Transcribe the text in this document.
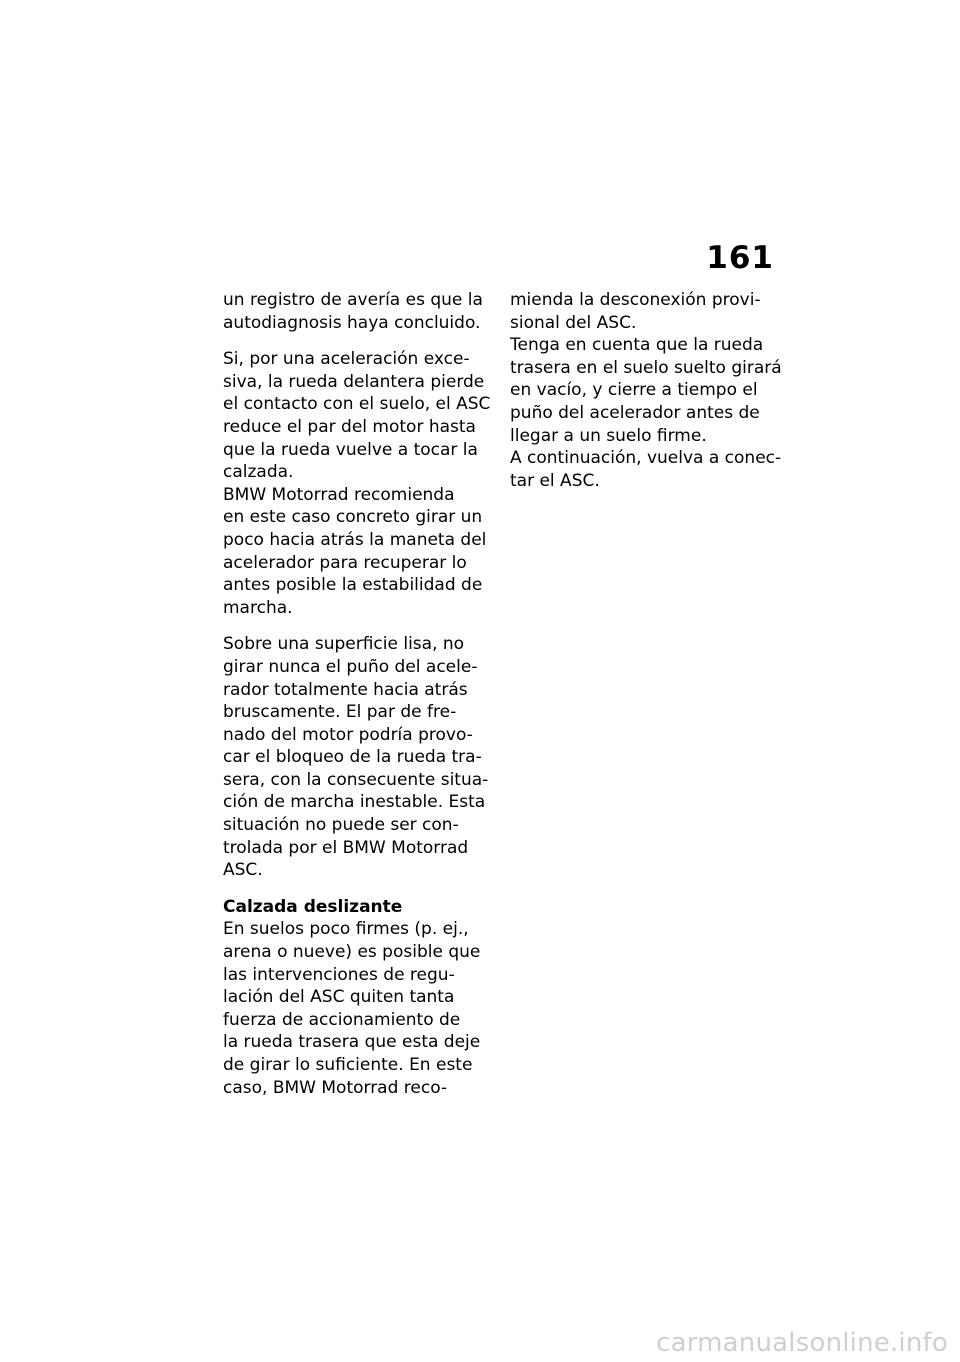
161
un registro de avería es que la
autodiagnosis haya concluido.
Si, por una aceleración exce-
siva, la rueda delantera pierde
el contacto con el suelo, el ASC
reduce el par del motor hasta
que la rueda vuelve a tocar la
calzada.
BMW Motorrad recomienda
en este caso concreto girar un
poco hacia atrás la maneta del
acelerador para recuperar lo
antes posible la estabilidad de
marcha.
Sobre una superficie lisa, no
girar nunca el puño del acele-
rador totalmente hacia atrás
bruscamente. El par de fre-
nado del motor podría provo-
car el bloqueo de la rueda tra-
sera, con la consecuente situa-
ción de marcha inestable. Esta
situación no puede ser con-
trolada por el BMW Motorrad
ASC.
Calzada deslizante
En suelos poco firmes (p. ej.,
arena o nueve) es posible que
las intervenciones de regu-
lación del ASC quiten tanta
fuerza de accionamiento de
la rueda trasera que esta deje
de girar lo suficiente. En este
caso, BMW Motorrad reco-
mienda la desconexión provi-
sional del ASC.
Tenga en cuenta que la rueda
trasera en el suelo suelto girará
en vacío, y cierre a tiempo el
puño del acelerador antes de
llegar a un suelo firme.
A continuación, vuelva a conec-
tar el ASC.
carmanualsonline.info
